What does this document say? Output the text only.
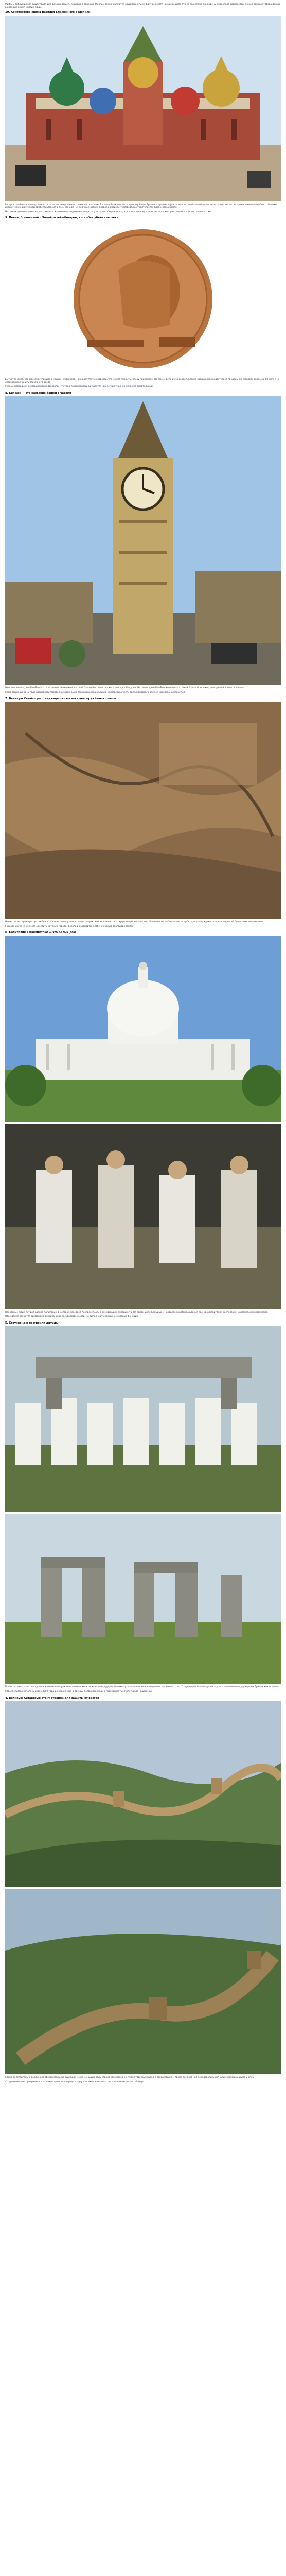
Мифы и заблуждения существуют для разных вещей, событий и явлений. Многие из них являются общепринятыми фактами, хотя на самом деле это не так. Ниже приведены несколько распространённых ложных утверждений, в которые верят многие люди.
10. Архитектора храма Василия Блаженного ослепили
Распространённая легенда гласит, что после завершения строительства храма Василия Блаженного по приказу Ивана Грозного архитекторов ослепили, чтобы они больше никогда не смогли построить ничего подобного. Однако исторические документы свидетельствуют о том, что один из зодчих, Постник Яковлев, позднее участвовал в строительстве Казанского кремля.
На самом деле нет никаких достоверных источников, подтверждающих эту историю. Скорее всего, это всего лишь красивая легенда, которая появилась значительно позже.
9. Пенни, брошенный с Эмпайр-стейт-билдинг, способен убить человека
Бытует мнение, что монетка, упавшая с крыши небоскрёба, набирает такую скорость, что может пробить голову прохожего. На самом деле из-за сопротивления воздуха пенни достигает предельной скорости около 40–80 км/ч и не способен причинить серьёзного вреда.
Учёные проводили эксперименты и доказали, что удар такой монеты ощущается как лёгкий укол, но никак не смертельный.
8. Биг-Бен — это название башни с часами
Многие считают, что Биг-Бен — это название знаменитой часовой башни Вестминстерского дворца в Лондоне. На самом деле Биг-Беном называют самый большой колокол, находящийся внутри башни.
Сама башня до 2012 года называлась Часовой, а затем была переименована в Башню Елизаветы в честь бриллиантового юбилея королевы Елизаветы II.
7. Великую Китайскую стену видно из космоса невооружённым глазом
Несмотря на огромную протяжённость, стена очень узкая и по цвету практически сливается с окружающей местностью. Космонавты, побывавшие на орбите, подтверждают, что разглядеть её без оптики невозможно.
Гораздо легче из космоса заметить крупные города, дороги и аэропорты, особенно ночью благодаря огням.
6. Капитолий в Вашингтоне — это Белый дом
Некоторые люди путают здание Капитолия, в котором заседает Конгресс США, с резиденцией президента. На самом деле Белый дом находится на Пенсильвания-авеню, а Капитолий расположен на Капитолийском холме.
Оба здания являются символами американской государственности, но выполняют совершенно разные функции.
5. Стоунхендж построили друиды
Принято считать, что загадочное каменное сооружение возвели кельтские жрецы-друиды. Однако археологические исследования показывают, что Стоунхендж был построен задолго до появления друидов на Британских островах.
Строительство началось около 3000 года до нашей эры, а друиды появились лишь в последнем тысячелетии до нашей эры.
4. Великую Китайскую стену строили для защиты от врагов
Стена действительно выполняла оборонительные функции, но не меньшую роль играла как способ контроля торговых путей и сбора пошлин. Кроме того, по ней передавались сигналы с помощью дыма и огня.
Со временем она превратилась в символ единства народа и одну из самых известных достопримечательностей мира.
